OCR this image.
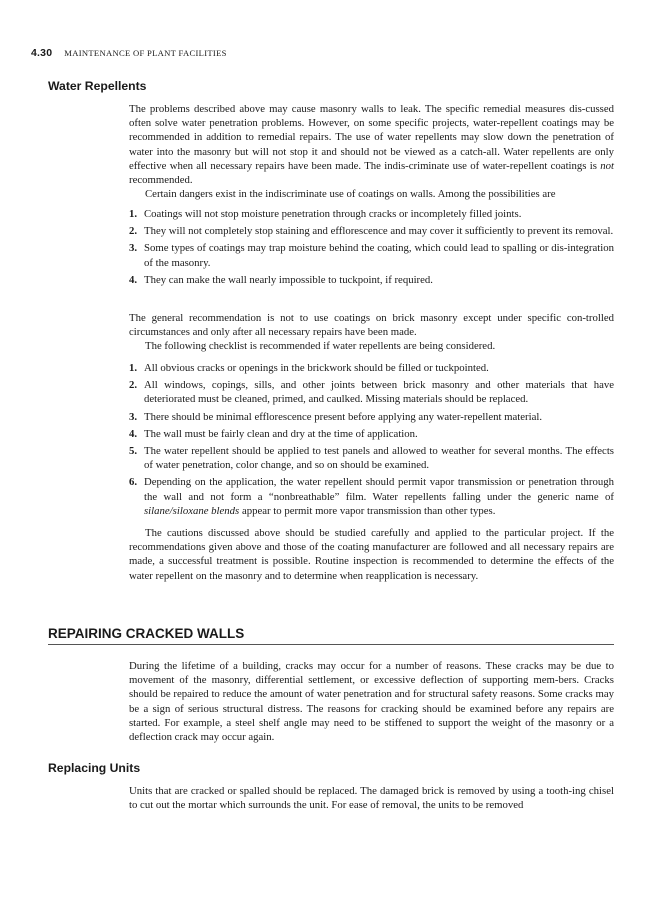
4.30 MAINTENANCE OF PLANT FACILITIES
Water Repellents

The problems described above may cause masonry walls to leak. The specific remedial measures dis-cussed often solve water penetration problems. However, on some specific projects, water-repellent coatings may be recommended in addition to remedial repairs. The use of water repellents may slow down the penetration of water into the masonry but will not stop it and should not be viewed as a catch-all. Water repellents are only effective when all necessary repairs have been made. The indis-criminate use of water-repellent coatings is not recommended.

Certain dangers exist in the indiscriminate use of coatings on walls. Among the possibilities are

1. Coatings will not stop moisture penetration through cracks or incompletely filled joints.
2. They will not completely stop staining and efflorescence and may cover it sufficiently to prevent its removal.
3. Some types of coatings may trap moisture behind the coating, which could lead to spalling or dis-integration of the masonry.
4. They can make the wall nearly impossible to tuckpoint, if required.

The general recommendation is not to use coatings on brick masonry except under specific con-trolled circumstances and only after all necessary repairs have been made.

The following checklist is recommended if water repellents are being considered.

1. All obvious cracks or openings in the brickwork should be filled or tuckpointed.
2. All windows, copings, sills, and other joints between brick masonry and other materials that have deteriorated must be cleaned, primed, and caulked. Missing materials should be replaced.
3. There should be minimal efflorescence present before applying any water-repellent material.
4. The wall must be fairly clean and dry at the time of application.
5. The water repellent should be applied to test panels and allowed to weather for several months. The effects of water penetration, color change, and so on should be examined.
6. Depending on the application, the water repellent should permit vapor transmission or penetration through the wall and not form a “nonbreathable” film. Water repellents falling under the generic name of silane/siloxane blends appear to permit more vapor transmission than other types.

The cautions discussed above should be studied carefully and applied to the particular project. If the recommendations given above and those of the coating manufacturer are followed and all necessary repairs are made, a successful treatment is possible. Routine inspection is recommended to determine the effects of the water repellent on the masonry and to determine when reapplication is necessary.

REPAIRING CRACKED WALLS

During the lifetime of a building, cracks may occur for a number of reasons. These cracks may be due to movement of the masonry, differential settlement, or excessive deflection of supporting mem-bers. Cracks should be repaired to reduce the amount of water penetration and for structural safety reasons. Some cracks may be a sign of serious structural distress. The reasons for cracking should be examined before any repairs are started. For example, a steel shelf angle may need to be stiffened to support the weight of the masonry or a deflection crack may occur again.

Replacing Units

Units that are cracked or spalled should be replaced. The damaged brick is removed by using a tooth-ing chisel to cut out the mortar which surrounds the unit. For ease of removal, the units to be removed
